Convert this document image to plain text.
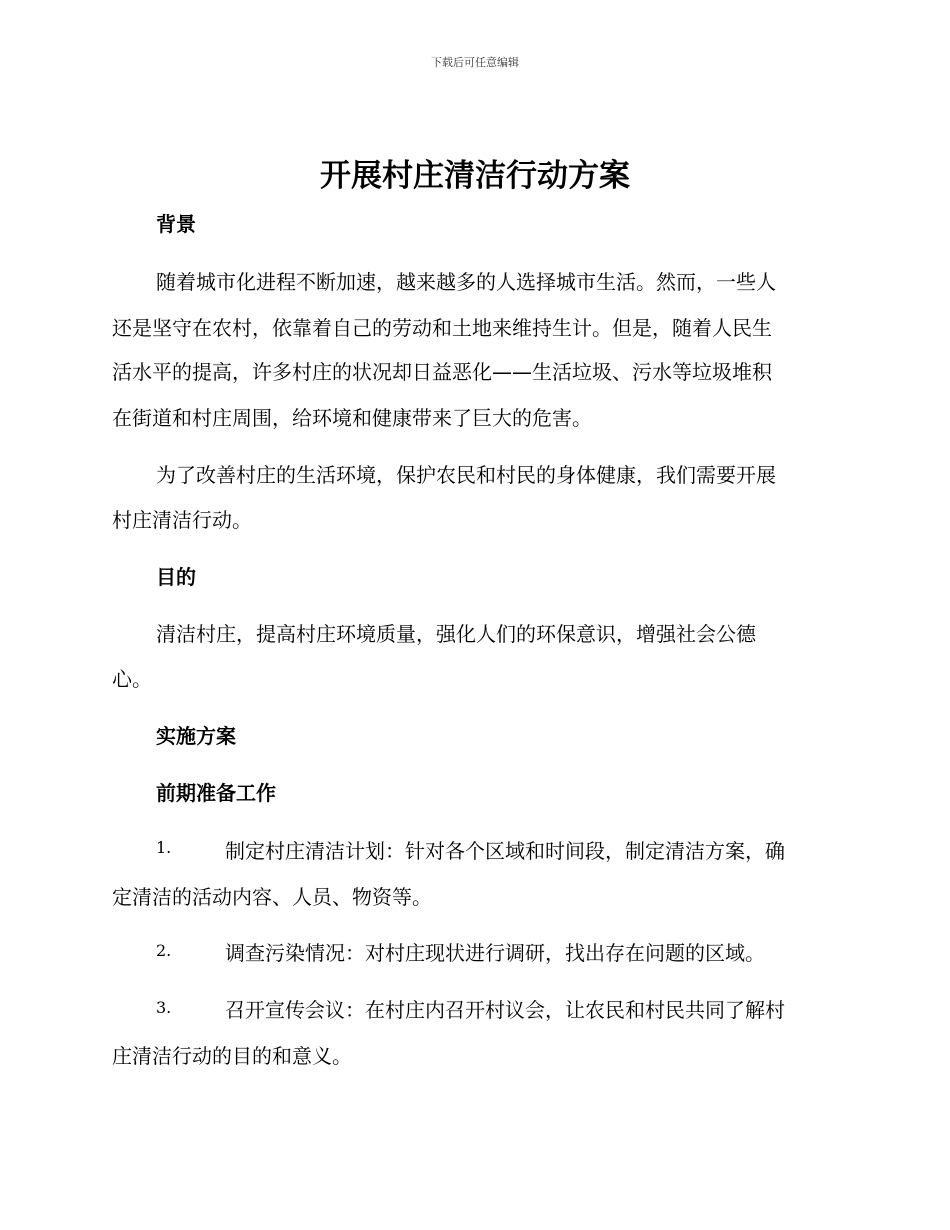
下载后可任意编辑
开展村庄清洁行动方案
背景
随着城市化进程不断加速，越来越多的人选择城市生活。然而，一些人
还是坚守在农村，依靠着自己的劳动和土地来维持生计。但是，随着人民生
活水平的提高，许多村庄的状况却日益恶化——生活垃圾、污水等垃圾堆积
在街道和村庄周围，给环境和健康带来了巨大的危害。
为了改善村庄的生活环境，保护农民和村民的身体健康，我们需要开展
村庄清洁行动。
目的
清洁村庄，提高村庄环境质量，强化人们的环保意识，增强社会公德
心。
实施方案
前期准备工作
1.	制定村庄清洁计划：针对各个区域和时间段，制定清洁方案，确
定清洁的活动内容、人员、物资等。
2.	调查污染情况：对村庄现状进行调研，找出存在问题的区域。
3.	召开宣传会议：在村庄内召开村议会，让农民和村民共同了解村
庄清洁行动的目的和意义。
